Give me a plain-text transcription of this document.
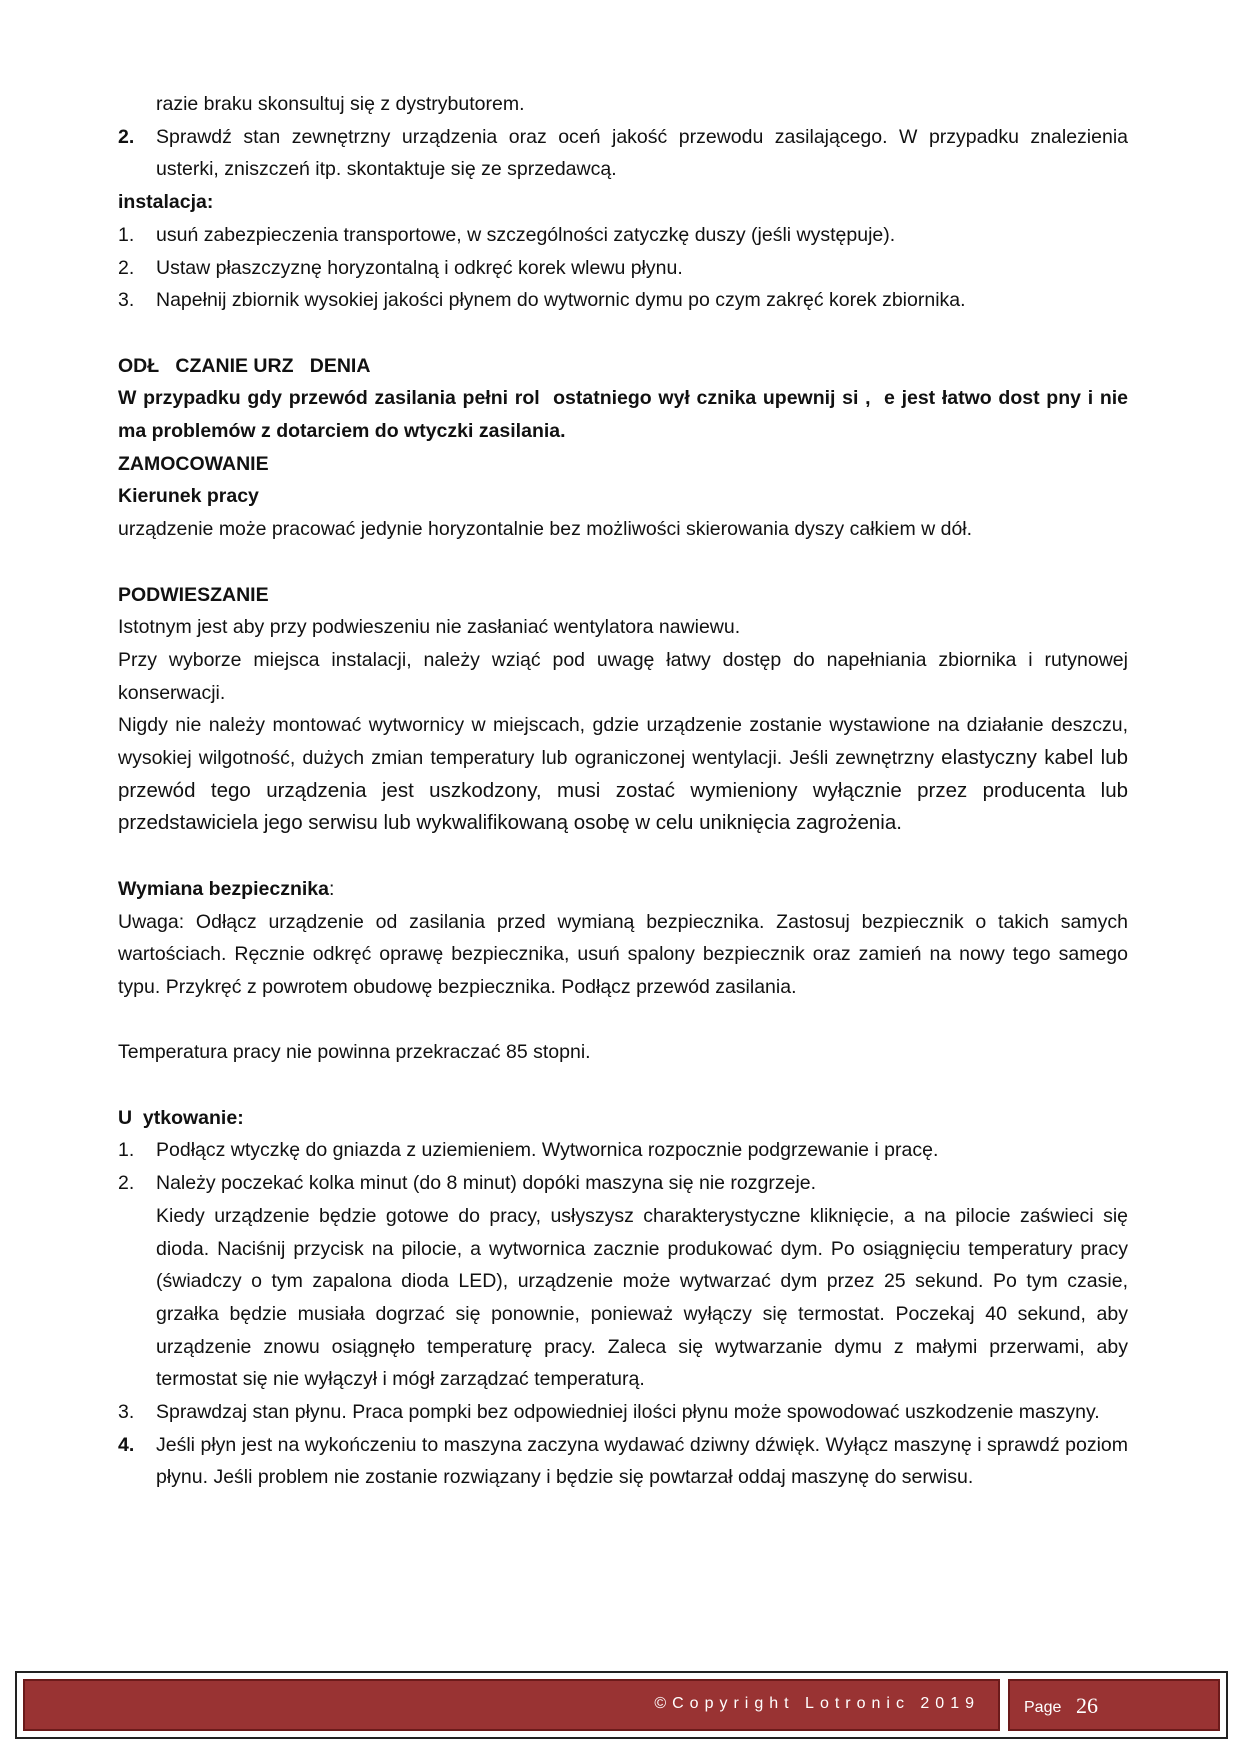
razie braku skonsultuj się z dystrybutorem.

2.	Sprawdź stan zewnętrzny urządzenia oraz oceń jakość przewodu zasilającego. W przypadku znalezienia usterki, zniszczeń itp. skontaktuje się ze sprzedawcą.

instalacja:

1.	usuń zabezpieczenia transportowe, w szczególności zatyczkę duszy (jeśli występuje).
2.	Ustaw płaszczyznę horyzontalną i odkręć korek wlewu płynu.
3.	Napełnij zbiornik wysokiej jakości płynem do wytwornic dymu po czym zakręć korek zbiornika.

ODŁ   CZANIE URZ   DENIA

W przypadku gdy przewód zasilania pełni rol  ostatniego wył cznika upewnij si ,  e jest łatwo dost pny i nie ma problemów z dotarciem do wtyczki zasilania.

ZAMOCOWANIE

Kierunek pracy

urządzenie może pracować jedynie horyzontalnie bez możliwości skierowania dyszy całkiem w dół.

PODWIESZANIE

Istotnym jest aby przy podwieszeniu nie zasłaniać wentylatora nawiewu.

Przy wyborze miejsca instalacji, należy wziąć pod uwagę łatwy dostęp do napełniania zbiornika i rutynowej konserwacji.

Nigdy nie należy montować wytwornicy w miejscach, gdzie urządzenie zostanie wystawione na działanie deszczu, wysokiej wilgotność, dużych zmian temperatury lub ograniczonej wentylacji. Jeśli zewnętrzny elastyczny kabel lub przewód tego urządzenia jest uszkodzony, musi zostać wymieniony wyłącznie przez producenta lub przedstawiciela jego serwisu lub wykwalifikowaną osobę w celu uniknięcia zagrożenia.

Wymiana bezpiecznika:

Uwaga: Odłącz urządzenie od zasilania przed wymianą bezpiecznika. Zastosuj bezpiecznik o takich samych wartościach. Ręcznie odkręć oprawę bezpiecznika, usuń spalony bezpiecznik oraz zamień na nowy tego samego typu. Przykręć z powrotem obudowę bezpiecznika. Podłącz przewód zasilania.

Temperatura pracy nie powinna przekraczać 85 stopni.

U  ytkowanie:

1.	Podłącz wtyczkę do gniazda z uziemieniem. Wytwornica rozpocznie podgrzewanie i pracę.
2.	Należy poczekać kolka minut (do 8 minut) dopóki maszyna się nie rozgrzeje.

Kiedy urządzenie będzie gotowe do pracy, usłyszysz charakterystyczne kliknięcie, a na pilocie zaświeci się dioda. Naciśnij przycisk na pilocie, a wytwornica zacznie produkować dym. Po osiągnięciu temperatury pracy (świadczy o tym zapalona dioda LED), urządzenie może wytwarzać dym przez 25 sekund. Po tym czasie, grzałka będzie musiała dogrzać się ponownie, ponieważ wyłączy się termostat. Poczekaj 40 sekund, aby urządzenie znowu osiągnęło temperaturę pracy. Zaleca się wytwarzanie dymu z małymi przerwami, aby termostat się nie wyłączył i mógł zarządzać temperaturą.

3.	Sprawdzaj stan płynu. Praca pompki bez odpowiedniej ilości płynu może spowodować uszkodzenie maszyny.
4.	Jeśli płyn jest na wykończeniu to maszyna zaczyna wydawać dziwny dźwięk. Wyłącz maszynę i sprawdź poziom płynu. Jeśli problem nie zostanie rozwiązany i będzie się powtarzał oddaj maszynę do serwisu.
©Copyright Lotronic 2019	Page 26
